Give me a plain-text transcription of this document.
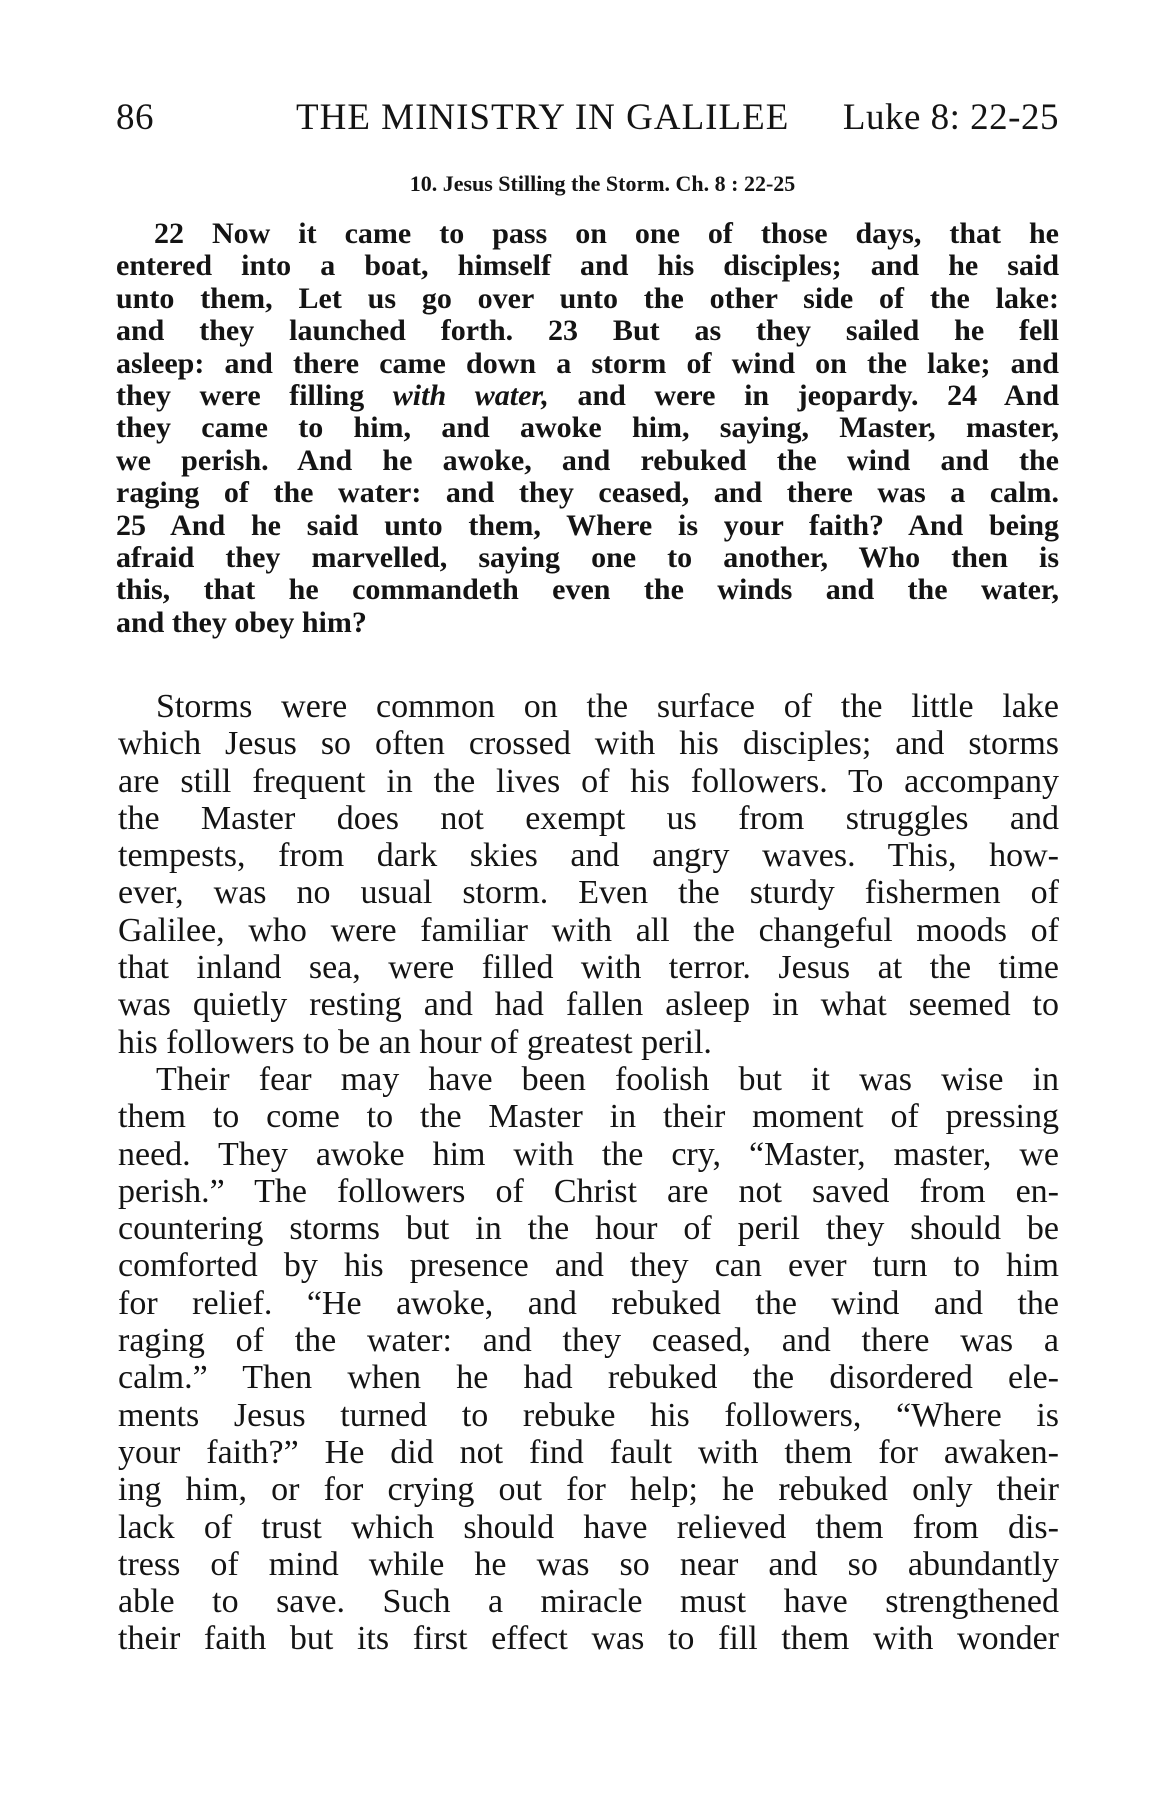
86	THE MINISTRY IN GALILEE Luke 8: 22-25
10. Jesus Stilling the Storm. Ch. 8 : 22-25
22 Now it came to pass on one of those days, that he
entered into a boat, himself and his disciples; and he said
unto them, Let us go over unto the other side of the lake:
and they launched forth. 23 But as they sailed he fell
asleep: and there came down a storm of wind on the lake; and
they were filling with water, and were in jeopardy. 24 And
they came to him, and awoke him, saying, Master, master,
we perish. And he awoke, and rebuked the wind and the
raging of the water: and they ceased, and there was a calm.
25 And he said unto them, Where is your faith? And being
afraid they marvelled, saying one to another, Who then is
this, that he commandeth even the winds and the water,
and they obey him?
Storms were common on the surface of the little lake
which Jesus so often crossed with his disciples; and storms
are still frequent in the lives of his followers. To accompany
the Master does not exempt us from struggles and
tempests, from dark skies and angry waves. This, how-
ever, was no usual storm. Even the sturdy fishermen of
Galilee, who were familiar with all the changeful moods of
that inland sea, were filled with terror. Jesus at the time
was quietly resting and had fallen asleep in what seemed to
his followers to be an hour of greatest peril.
Their fear may have been foolish but it was wise in
them to come to the Master in their moment of pressing
need. They awoke him with the cry, “Master, master, we
perish.” The followers of Christ are not saved from en-
countering storms but in the hour of peril they should be
comforted by his presence and they can ever turn to him
for relief. “He awoke, and rebuked the wind and the
raging of the water: and they ceased, and there was a
calm.” Then when he had rebuked the disordered ele-
ments Jesus turned to rebuke his followers, “Where is
your faith?” He did not find fault with them for awaken-
ing him, or for crying out for help; he rebuked only their
lack of trust which should have relieved them from dis-
tress of mind while he was so near and so abundantly
able to save. Such a miracle must have strengthened
their faith but its first effect was to fill them with wonder
